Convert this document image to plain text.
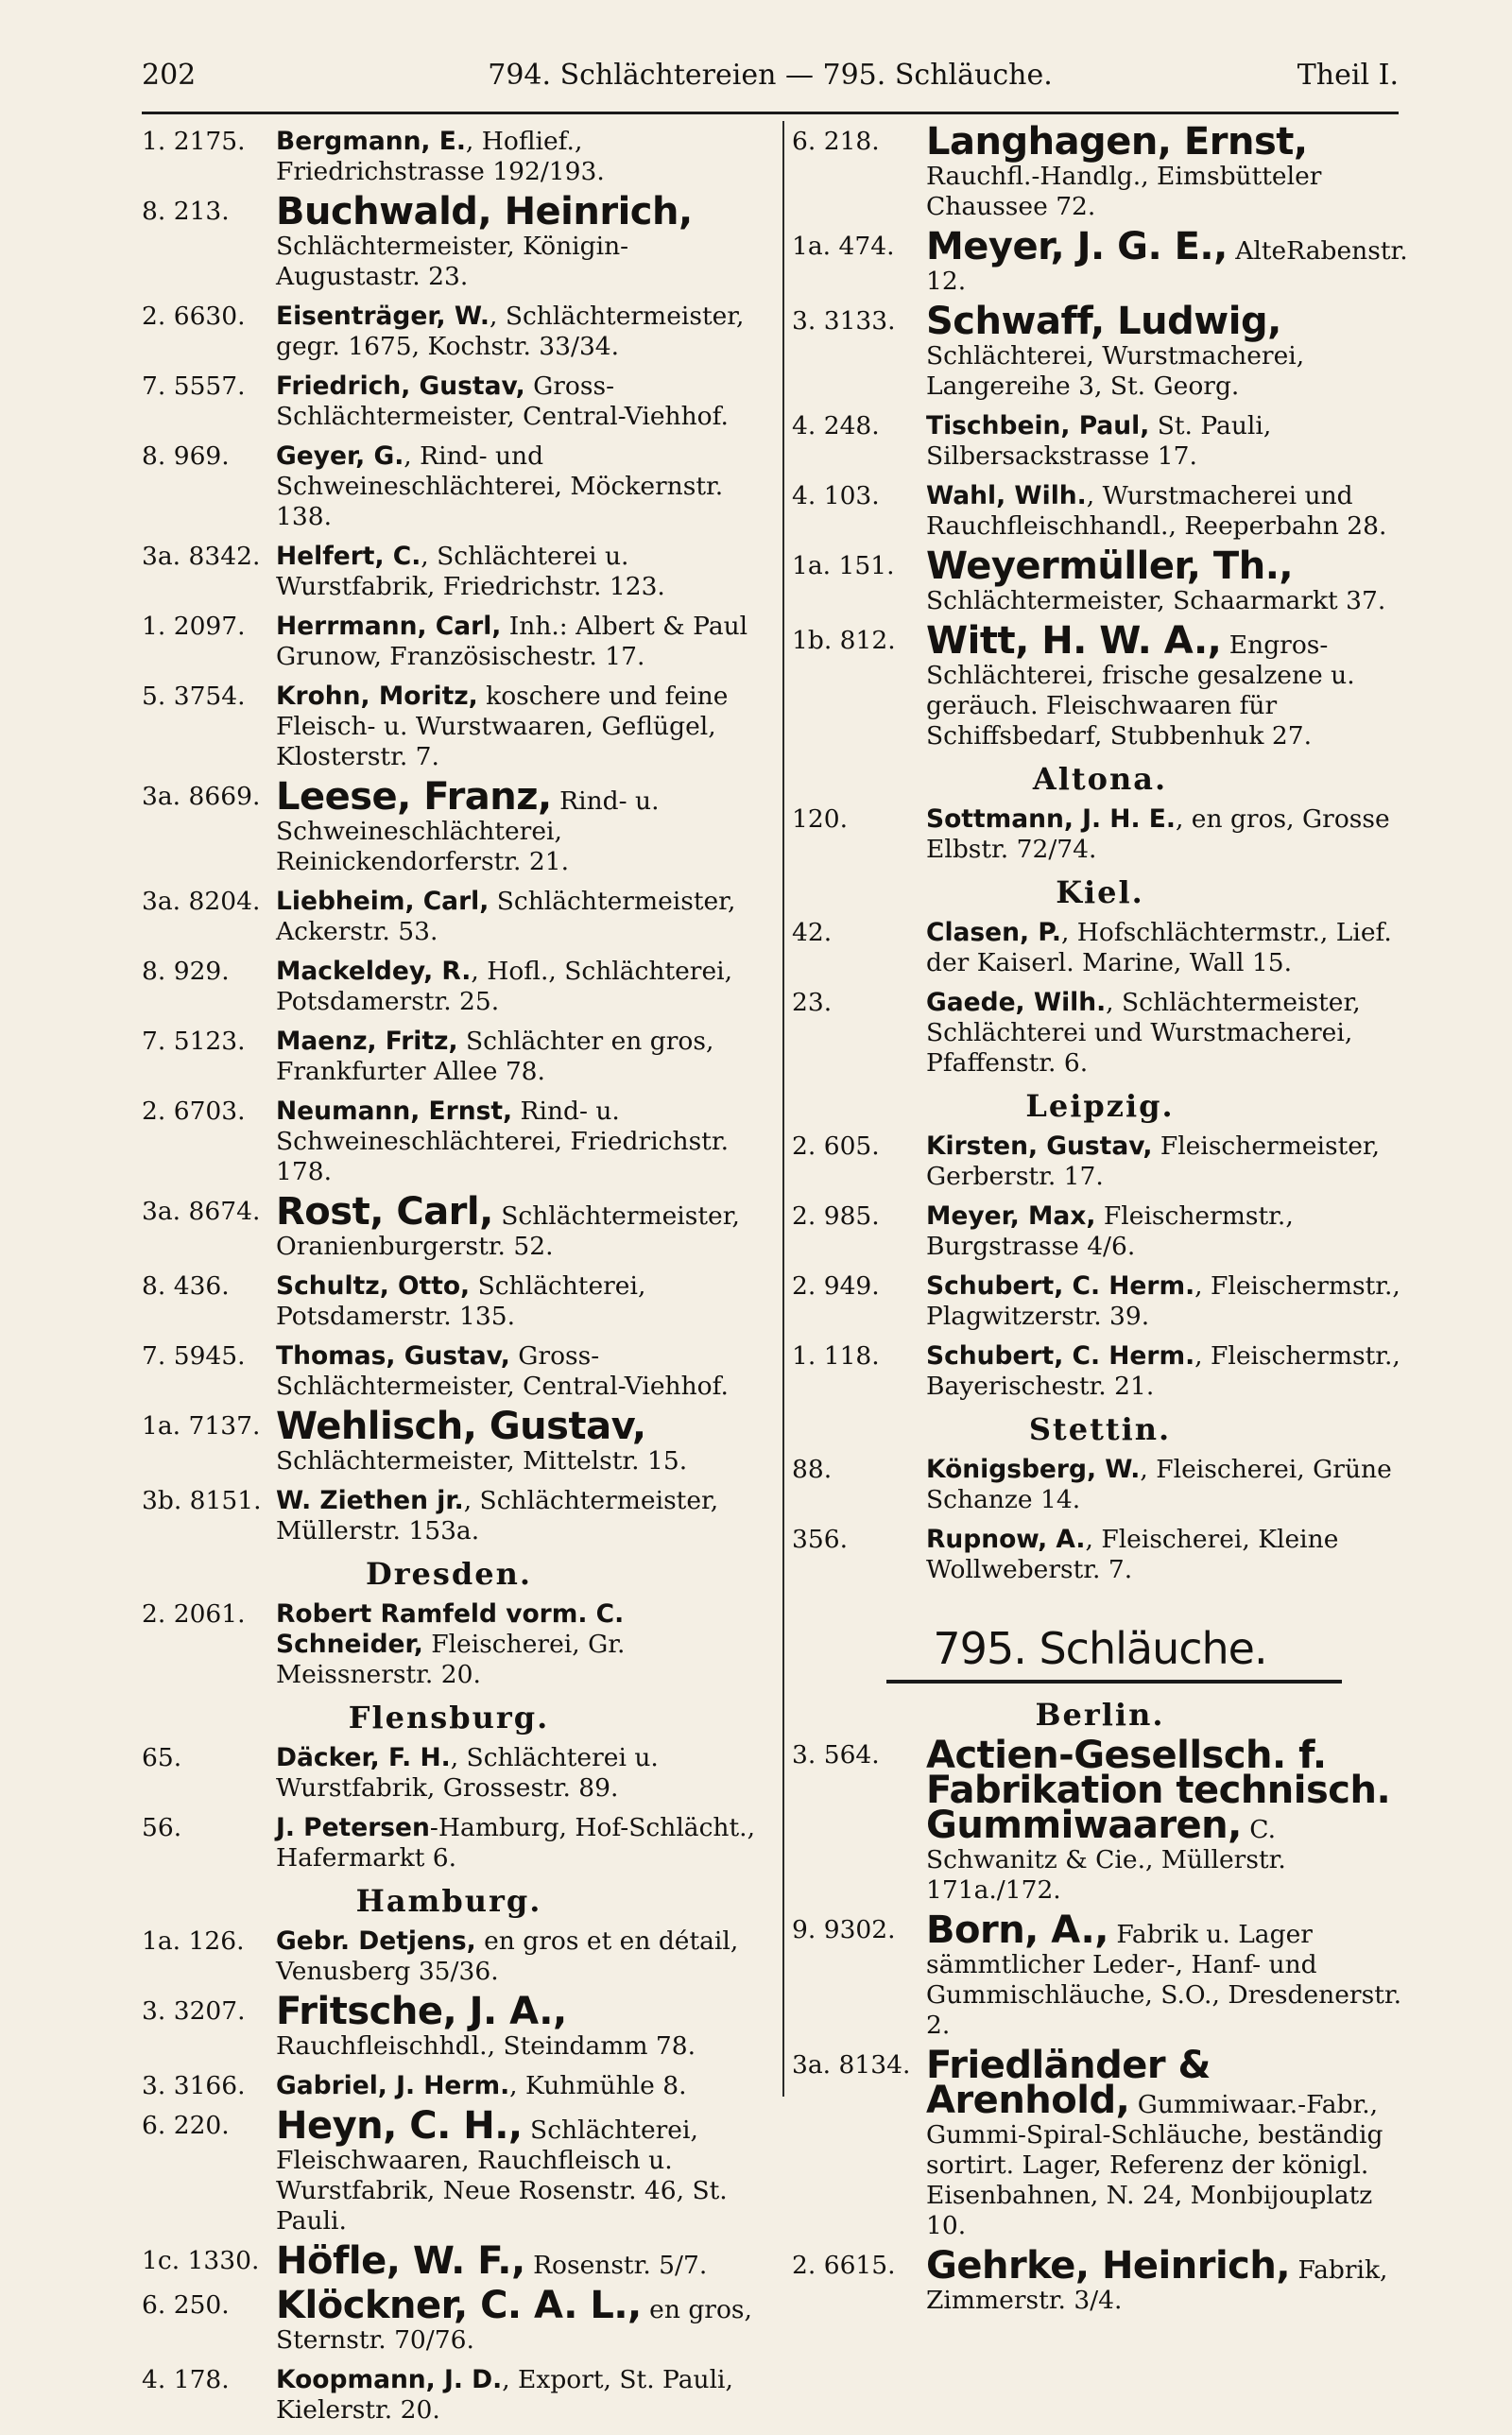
202	794. Schlächtereien — 795. Schläuche.	Theil I.
1. 2175.	Bergmann, E., Hoflief., Friedrichstrasse 192/193.
8. 213.	Buchwald, Heinrich, Schlächtermeister, Königin-Augustastr. 23.
2. 6630.	Eisenträger, W., Schlächtermeister, gegr. 1675, Kochstr. 33/34.
7. 5557.	Friedrich, Gustav, Gross-Schlächtermeister, Central-Viehhof.
8. 969.	Geyer, G., Rind- und Schweineschlächterei, Möckernstr. 138.
3a. 8342. Helfert, C., Schlächterei u. Wurstfabrik, Friedrichstr. 123.
1. 2097.	Herrmann, Carl, Inh.: Albert & Paul Grunow, Französischestr. 17.
5. 3754.	Krohn, Moritz, koschere und feine Fleisch- u. Wurstwaaren, Geflügel, Klosterstr. 7.
3a. 8669. Leese, Franz, Rind- u. Schweineschlächterei, Reinickendorferstr. 21.
3a. 8204. Liebheim, Carl, Schlächtermeister, Ackerstr. 53.
8. 929.	Mackeldey, R., Hofl., Schlächterei, Potsdamerstr. 25.
7. 5123.	Maenz, Fritz, Schlächter en gros, Frankfurter Allee 78.
2. 6703.	Neumann, Ernst, Rind- u. Schweineschlächterei, Friedrichstr. 178.
3a. 8674. Rost, Carl, Schlächtermeister, Oranienburgerstr. 52.
8. 436.	Schultz, Otto, Schlächterei, Potsdamerstr. 135.
7. 5945.	Thomas, Gustav, Gross-Schlächtermeister, Central-Viehhof.
1a. 7137. Wehlisch, Gustav, Schlächtermeister, Mittelstr. 15.
3b. 8151. W. Ziethen jr., Schlächtermeister, Müllerstr. 153a.
Dresden.
2. 2061.	Robert Ramfeld vorm. C. Schneider, Fleischerei, Gr. Meissnerstr. 20.
Flensburg.
65.	Däcker, F. H., Schlächterei u. Wurstfabrik, Grossestr. 89.
56.	J. Petersen-Hamburg, Hof-Schlächt., Hafermarkt 6.
Hamburg.
1a. 126.	Gebr. Detjens, en gros et en détail, Venusberg 35/36.
3. 3207. Fritsche, J. A., Rauchfleischhdl., Steindamm 78.
3. 3166.	Gabriel, J. Herm., Kuhmühle 8.
6. 220.	Heyn, C. H., Schlächterei, Fleischwaaren, Rauchfleisch u. Wurstfabrik, Neue Rosenstr. 46, St. Pauli.
1c. 1330. Höfle, W. F., Rosenstr. 5/7.
6. 250.	Klöckner, C. A. L., en gros, Sternstr. 70/76.
4. 178.	Koopmann, J. D., Export, St. Pauli, Kielerstr. 20.
6. 218.	Langhagen, Ernst, Rauchfl.-Handlg., Eimsbütteler Chaussee 72.
1a. 474. Meyer, J. G. E., AlteRabenstr. 12.
3. 3133. Schwaff, Ludwig, Schlächterei, Wurstmacherei, Langereihe 3, St. Georg.
4. 248.	Tischbein, Paul, St. Pauli, Silbersackstrasse 17.
4. 103.	Wahl, Wilh., Wurstmacherei und Rauchfleischhandl., Reeperbahn 28.
1a. 151. Weyermüller, Th., Schlächtermeister, Schaarmarkt 37.
1b. 812. Witt, H. W. A., Engros-Schlächterei, frische gesalzene u. geräuch. Fleischwaaren für Schiffsbedarf, Stubbenhuk 27.
Altona.
120.	Sottmann, J. H. E., en gros, Grosse Elbstr. 72/74.
Kiel.
42.	Clasen, P., Hofschlächtermstr., Lief. der Kaiserl. Marine, Wall 15.
23.	Gaede, Wilh., Schlächtermeister, Schlächterei und Wurstmacherei, Pfaffenstr. 6.
Leipzig.
2. 605.	Kirsten, Gustav, Fleischermeister, Gerberstr. 17.
2. 985.	Meyer, Max, Fleischermstr., Burgstrasse 4/6.
2. 949.	Schubert, C. Herm., Fleischermstr., Plagwitzerstr. 39.
1. 118.	Schubert, C. Herm., Fleischermstr., Bayerischestr. 21.
Stettin.
88.	Königsberg, W., Fleischerei, Grüne Schanze 14.
356.	Rupnow, A., Fleischerei, Kleine Wollweberstr. 7.
795. Schläuche.
Berlin.
3. 564.	Actien-Gesellsch. f. Fabrikation technisch. Gummiwaaren, C. Schwanitz & Cie., Müllerstr. 171a./172.
9. 9302. Born, A., Fabrik u. Lager sämmtlicher Leder-, Hanf- und Gummischläuche, S.O., Dresdenerstr. 2.
3a. 8134. Friedländer & Arenhold, Gummiwaar.-Fabr., Gummi-Spiral-Schläuche, beständig sortirt. Lager, Referenz der königl. Eisenbahnen, N. 24, Monbijouplatz 10.
2. 6615. Gehrke, Heinrich, Fabrik, Zimmerstr. 3/4.
